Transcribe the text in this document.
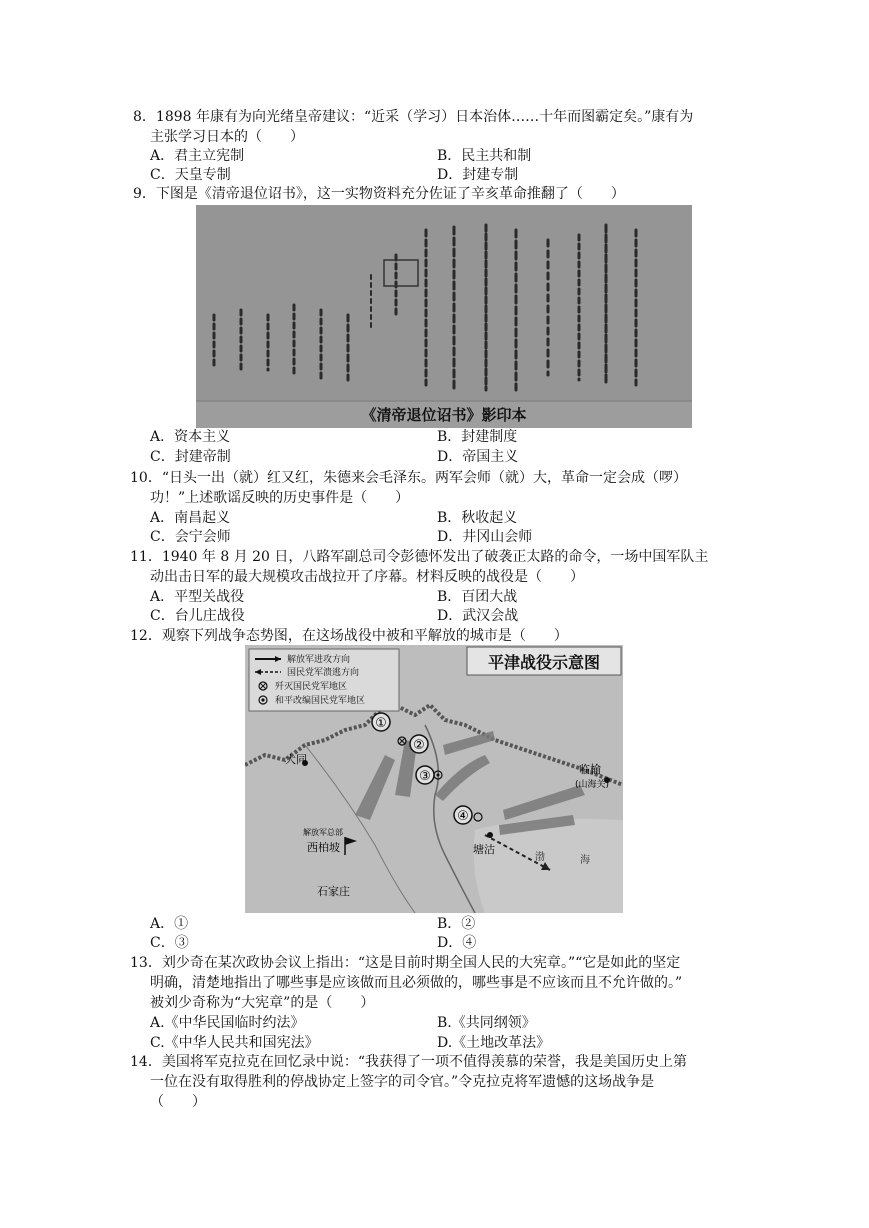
8．1898 年康有为向光绪皇帝建议：“近采（学习）日本治体……十年而图霸定矣。”康有为
主张学习日本的（　　）
A．君主立宪制	B．民主共和制
C．天皇专制	D．封建专制
9．下图是《清帝退位诏书》，这一实物资料充分佐证了辛亥革命推翻了（　　）
《清帝退位诏书》影印本
A．资本主义	B．封建制度
C．封建帝制	D．帝国主义
10．“日头一出（就）红又红，朱德来会毛泽东。两军会师（就）大，革命一定会成（啰）
功！”上述歌谣反映的历史事件是（　　）
A．南昌起义	B．秋收起义
C．会宁会师	D．井冈山会师
11．1940 年 8 月 20 日，八路军副总司令彭德怀发出了破袭正太路的命令，一场中国军队主
动出击日军的最大规模攻击战拉开了序幕。材料反映的战役是（　　）
A．平型关战役	B．百团大战
C．台儿庄战役	D．武汉会战
12．观察下列战争态势图，在这场战役中被和平解放的城市是（　　）
解放军进攻方向
国民党军溃逃方向
歼灭国民党军地区
和平改编国民党军地区
平津战役示意图
①
②
③
④
大同
解放军总部
西柏坡
石家庄
塘沽
临榆
(山海关)
渤	海
A．①	B．②
C．③	D．④
13．刘少奇在某次政协会议上指出：“这是目前时期全国人民的大宪章。”“它是如此的坚定
明确，清楚地指出了哪些事是应该做而且必须做的，哪些事是不应该而且不允许做的。”
被刘少奇称为“大宪章”的是（　　）
A.《中华民国临时约法》	B.《共同纲领》
C.《中华人民共和国宪法》	D.《土地改革法》
14．美国将军克拉克在回忆录中说：“我获得了一项不值得羡慕的荣誉，我是美国历史上第
一位在没有取得胜利的停战协定上签字的司令官。”令克拉克将军遗憾的这场战争是
（　　）
